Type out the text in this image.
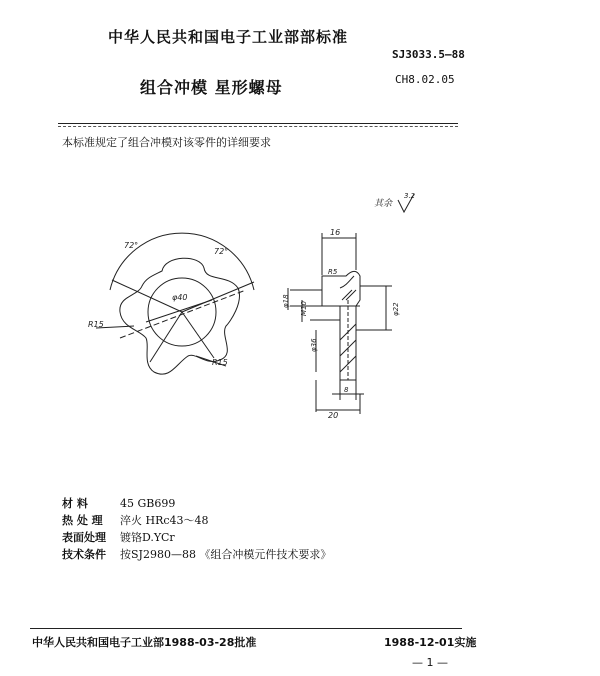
中华人民共和国电子工业部部标准
SJ3033.5—88
组合冲模 星形螺母	CH8.02.05
本标准规定了组合冲模对该零件的详细要求
其余
3.2
72°
72°
φ40
R15
R15
16
φ18 M10
φ36
φ22
R5
8
20
材 料	45 GB699
热 处 理 淬火 HRc43～48
表面处理 镀铬D.YCr
技术条件 按SJ2980—88 《组合冲模元件技术要求》
中华人民共和国电子工业部1988-03-28批准	1988-12-01实施
— 1 —
